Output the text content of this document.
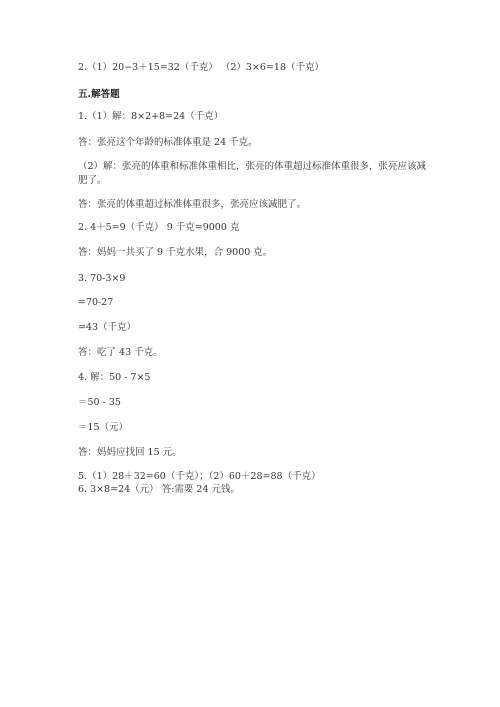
2.（1）20−3＋15=32（千克） （2）3×6=18（千克）
五.解答题
1.（1）解：8×2+8=24（千克）
答：张亮这个年龄的标准体重是 24 千克。
（2）解：张亮的体重和标准体重相比，张亮的体重超过标准体重很多，张亮应该减肥了。
答：张亮的体重超过标准体重很多，张亮应该减肥了。
2. 4＋5=9（千克） 9 千克=9000 克
答：妈妈一共买了 9 千克水果，合 9000 克。
3. 70-3×9
=70-27
=43（千克）
答：吃了 43 千克。
4. 解：50 - 7×5
＝50 - 35
＝15（元）
答：妈妈应找回 15 元。
5.（1）28＋32=60（千克）；（2）60＋28=88（千克）
6. 3×8=24（元） 答:需要 24 元钱。
